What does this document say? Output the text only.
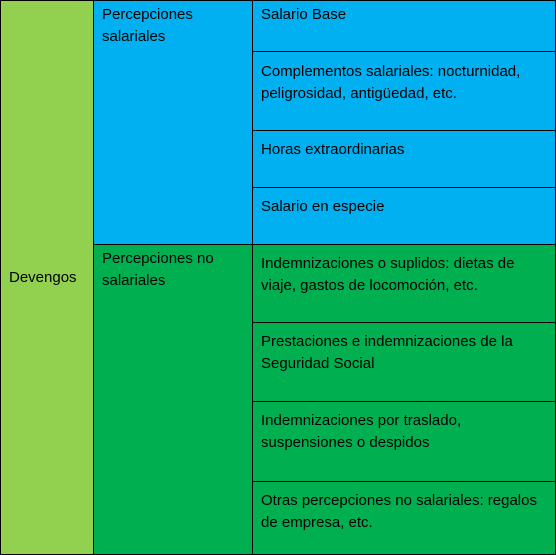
Devengos
Percepciones salariales
Salario Base
Complementos salariales: nocturnidad, peligrosidad, antigüedad, etc.
Horas extraordinarias
Salario en especie
Percepciones no salariales
Indemnizaciones o suplidos: dietas de viaje, gastos de locomoción, etc.
Prestaciones e indemnizaciones de la Seguridad Social
Indemnizaciones por traslado, suspensiones o despidos
Otras percepciones no salariales: regalos de empresa, etc.
